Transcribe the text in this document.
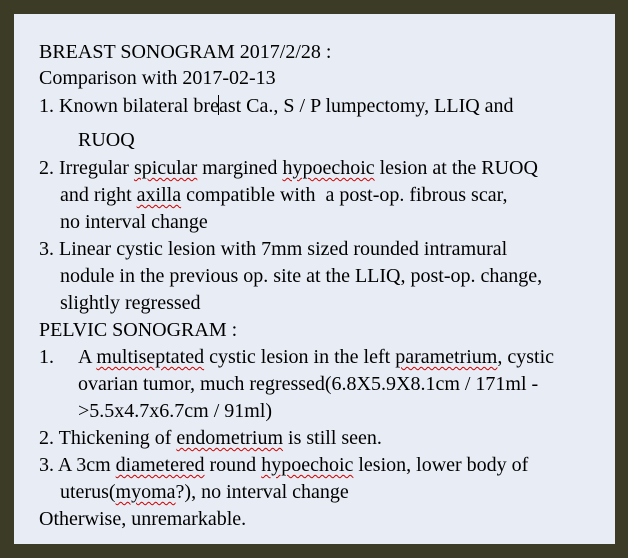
BREAST SONOGRAM 2017/2/28 :
Comparison with 2017-02-13
1. Known bilateral breast Ca., S / P lumpectomy, LLIQ and
RUOQ
2. Irregular spicular margined hypoechoic lesion at the RUOQ
and right axilla compatible with  a post-op. fibrous scar,
no interval change
3. Linear cystic lesion with 7mm sized rounded intramural
nodule in the previous op. site at the LLIQ, post-op. change,
slightly regressed
PELVIC SONOGRAM :
1. A multiseptated cystic lesion in the left parametrium, cystic
ovarian tumor, much regressed(6.8X5.9X8.1cm / 171ml -
>5.5x4.7x6.7cm / 91ml)
2. Thickening of endometrium is still seen.
3. A 3cm diametered round hypoechoic lesion, lower body of
uterus(myoma?), no interval change
Otherwise, unremarkable.
